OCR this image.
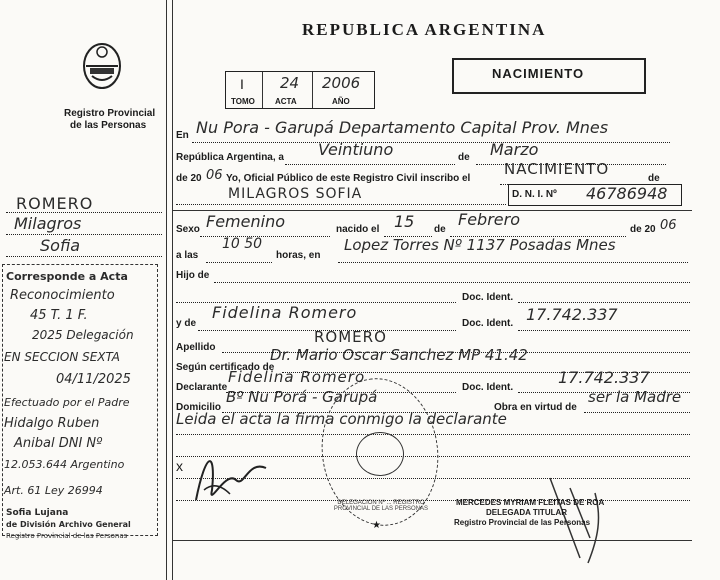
Registro Provincial
de las Personas
REPUBLICA ARGENTINA
I 24 2006
TOMO	ACTA	AÑO
NACIMIENTO
En Nu Pora - Garupá Departamento Capital Prov. Mnes
República Argentina, a Veintiuno	de Marzo
de 20 06 Yo, Oficial Público de este Registro Civil inscribo el
NACIMIENTO
de
MILAGROS SOFIA	D. N. I. Nº 46786948
Sexo Femenino	nacido el 15 de
Febrero
de 20 06
a las
10 50
horas, en
Lopez Torres Nº 1137 Posadas Mnes
Hijo de
Doc. Ident.
y de
Fidelina Romero
Doc. Ident. 17.742.337
Apellido
ROMERO
Según certificado de
Dr. Mario Oscar Sanchez MP 41.42
Declarante
Fidelina Romero
Doc. Ident.
17.742.337
Domicilio
Bº Nu Porá - Garupá
Obra en virtud de
ser la Madre
Leida el acta la firma conmigo la declarante
x
DELEGACION Nº ... REGISTRO PROVINCIAL DE LAS PERSONAS
★
MERCEDES MYRIAM FLEITAS DE ROA
DELEGADA TITULAR
Registro Provincial de las Personas
ROMERO
Milagros
Sofia
Corresponde a Acta
Reconocimiento
45 T. 1 F.
2025 Delegación
EN SECCION SEXTA
04/11/2025
Efectuado por el Padre
Hidalgo Ruben
Anibal DNI Nº
12.053.644 Argentino
Art. 61 Ley 26994
Sofia Lujana
de División Archivo General
Registro Provincial de las Personas
